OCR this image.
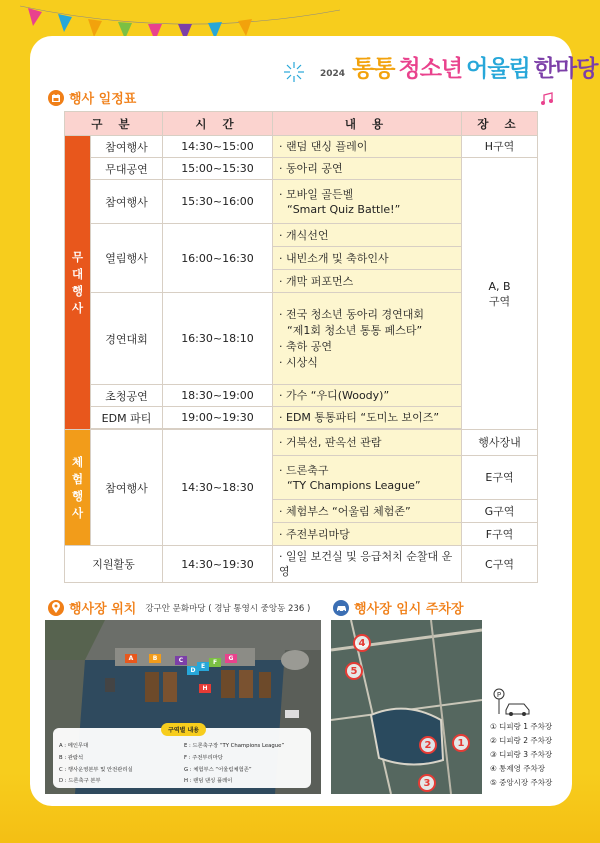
2024 통통 청소년 어울림 한마당
행사 일정표
구 분		시 간	내 용	장 소

무
대
행
사	참여행사	14:30~15:00	· 랜덤 댄싱 플레이	H구역
	무대공연	15:00~15:30	· 동아리 공연	A, B
구역

	참여행사	15:30~16:00	· 모바일 골든벨

“Smart Quiz Battle!”

	열림행사	16:00~16:30	· 개식선언
			· 내빈소개 및 축하인사
			· 개막 퍼포먼스
	경연대회	16:30~18:10	· 전국 청소년 동아리 경연대회

“제1회 청소년 통통 페스타”
· 축하 공연
· 시상식
	초청공연	18:30~19:00	· 가수 “우디(Woody)”
	EDM 파티	19:00~19:30	· EDM 통통파티 “도미노 보이즈”

체
험
행
사	참여행사	14:30~18:30	· 거북선, 판옥선 관람	행사장내
			· 드론축구

“TY Champions League”	E구역
			· 체험부스 “어울림 체험존”	G구역
			· 주전부리마당	F구역
지원활동		14:30~19:30	· 일일 보건실 및 응급처치 순찰대 운영	C구역
행사장 위치 강구안 문화마당 ( 경남 통영시 중앙동 236 )
A	B	C
D
E
F
G
H
구역별 내용
A : 메인무대	E : 드론축구장 “TY Champions League”
B : 관람석	F : 주전부리마당
C : 행사운영본부 및 안전관리실	G : 체험부스 “어울림체험존”
D : 드론축구 본부	H : 랜덤 댄싱 플레이
행사장 임시 주차장
4
5
2	1
3
P
① 디피랑 1 주차장
② 디피랑 2 주차장
③ 디피랑 3 주차장
④ 통제영 주차장
⑤ 중앙시장 주차장
